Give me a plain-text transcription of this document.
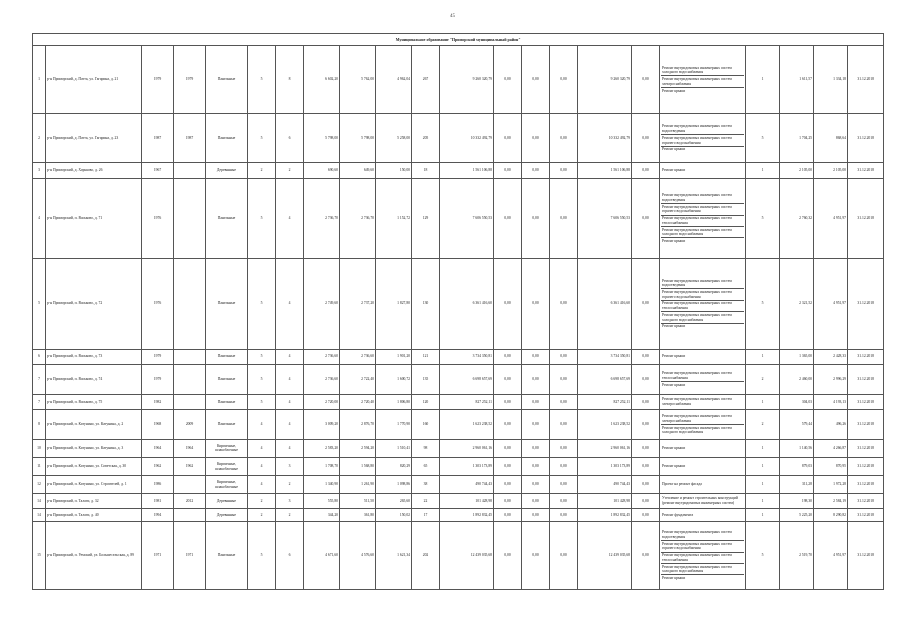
45
Муниципальное образование "Приморский муниципальный район"																					
1	р-н Приморский, д. Патта, ул. Гагарина, д. 21	1979	1979	Панельные	5	8	6 602,20	5 762,00	4 962,04	267	9 260 320,79	0,00	0,00	0,00	9 260 320,79	0,00	Ремонт внутридомовых инженерных систем холодного водоснабжения
Ремонт внутридомовых инженерных систем электроснабжения
Ремонт крыши	1	1 611,57	1 334,18	31.12.2018
2	р-н Приморский, д. Патта, ул. Гагарина, д. 23	1987	1987	Панельные	5	6	5 798,00	5 798,00	5 258,00	205	10 332 492,79	0,00	0,00	0,00	10 332 492,79	0,00	Ремонт внутридомовых инженерных систем водоотведения
Ремонт внутридомовых инженерных систем горячего водоснабжения
Ремонт крыши	5	1 704,25	868,64	31.12.2018
3	р-н Приморский, д. Хорьково, д. 26	1967		Деревянные	2	2	690,60	649,60	150,00	18	1 561 106,88	0,00	0,00	0,00	1 561 106,88	0,00	Ремонт крыши	1	2 105,00	2 105,00	31.12.2018
4	р-н Приморский, п. Васьково, д. 71	1976		Панельные	5	4	2 736,70	2 736,70	1 152,72	129	7 606 550,53	0,00	0,00	0,00	7 606 550,53	0,00	Ремонт внутридомовых инженерных систем водоотведения
Ремонт внутридомовых инженерных систем горячего водоснабжения
Ремонт внутридомовых инженерных систем теплоснабжения
Ремонт внутридомовых инженерных систем холодного водоснабжения
Ремонт крыши	5	2 760,32	4 951,97	31.12.2018
5	р-н Приморский, п. Васьково, д. 72	1976		Панельные	5	4	2 749,60	2 737,20	1 827,80	130	6 361 416,60	0,00	0,00	0,00	6 361 416,60	0,00	Ремонт внутридомовых инженерных систем водоотведения
Ремонт внутридомовых инженерных систем горячего водоснабжения
Ремонт внутридомовых инженерных систем теплоснабжения
Ремонт внутридомовых инженерных систем холодного водоснабжения
Ремонт крыши	5	2 321,52	4 951,97	31.12.2018
6	р-н Приморский, п. Васьково, д. 73	1979		Панельные	5	4	2 736,60	2 736,60	1 901,20	121	3 734 350,81	0,00	0,00	0,00	3 734 350,81	0,00	Ремонт крыши	1	1 365,00	2 428,33	31.12.2018
7	р-н Приморский, п. Васьково, д. 74	1979		Панельные	5	4	2 736,60	2 722,40	1 600,72	135	6 698 657,69	0,00	0,00	0,00	6 698 657,69	0,00	Ремонт внутридомовых инженерных систем теплоснабжения
Ремонт крыши	2	2 460,00	2 996,29	31.12.2018
7	р-н Приморский, п. Васьково, д. 75	1982		Панельные	5	4	2 720,00	2 720,40	1 806,80	120	827 252,11	0,00	0,00	0,00	827 252,11	0,00	Ремонт внутридомовых инженерных систем электроснабжения	1	304,03	4 193,13	31.12.2018
8	р-н Приморский, п. Катунино, ул. Катунина, д. 2	1968	2009	Панельные	4	4	3 009,20	2 876,70	1 770,90	160	1 623 238,52	0,00	0,00	0,00	1 623 238,52	0,00	Ремонт внутридомовых инженерных систем электроснабжения
Ремонт внутридомовых инженерных систем холодного водоснабжения	2	579,44	496,26	31.12.2018
10	р-н Приморский, п. Катунино, ул. Катунина, д. 3	1964	1964	Кирпичные, шлакоблочные	4	4	2 583,20	2 594,20	1 510,41	98	2 960 061,16	0,00	0,00	0,00	2 960 061,16	0,00	Ремонт крыши	1	1 140,56	4 266,87	31.12.2018
11	р-н Приморский, п. Катунино, ул. Советская, д. 30	1962	1962	Кирпичные, шлакоблочные	4	3	1 708,70	1 568,80	820,29	65	1 303 173,89	0,00	0,00	0,00	1 303 173,89	0,00	Ремонт крыши	1	879,03	870,95	31.12.2018
12	р-н Приморский, п. Катунино, ул. Строителей, д. 1	1986		Кирпичные, шлакоблочные	4	2	1 340,90	1 261,90	1 098,86	38	490 744,43	0,00	0,00	0,00	490 744,43	0,00	Проект на ремонт фасада	1	311,28	1 972,28	31.12.2018
14	р-н Приморский, п. Талаги, д. 32	1981	2012	Деревянные	2	3	555,80	511,50	265,60	22	101 428,98	0,00	0,00	0,00	101 428,98	0,00	Утепление и ремонт строительных конструкций (ремонт внутридомовых инженерных систем)	1	198,30	2 584,19	31.12.2018
14	р-н Приморский, п. Талаги, д. 40	1994		Деревянные	2	2	344,20	361,80	150,02	17	1 892 832,45	0,00	0,00	0,00	1 892 832,45	0,00	Ремонт фундамента	1	5 225,20	8 290,82	31.12.2018
15	р-н Приморский, п. Уемский, ул. Большесельская, д. 89	1971	1971	Панельные	5	6	4 671,60	4 576,60	1 621,34	202	12 439 035,68	0,00	0,00	0,00	12 439 035,68	0,00	Ремонт внутридомовых инженерных систем водоотведения
Ремонт внутридомовых инженерных систем горячего водоснабжения
Ремонт внутридомовых инженерных систем теплоснабжения
Ремонт внутридомовых инженерных систем холодного водоснабжения
Ремонт крыши	5	2 519,70	4 951,97	31.12.2018
